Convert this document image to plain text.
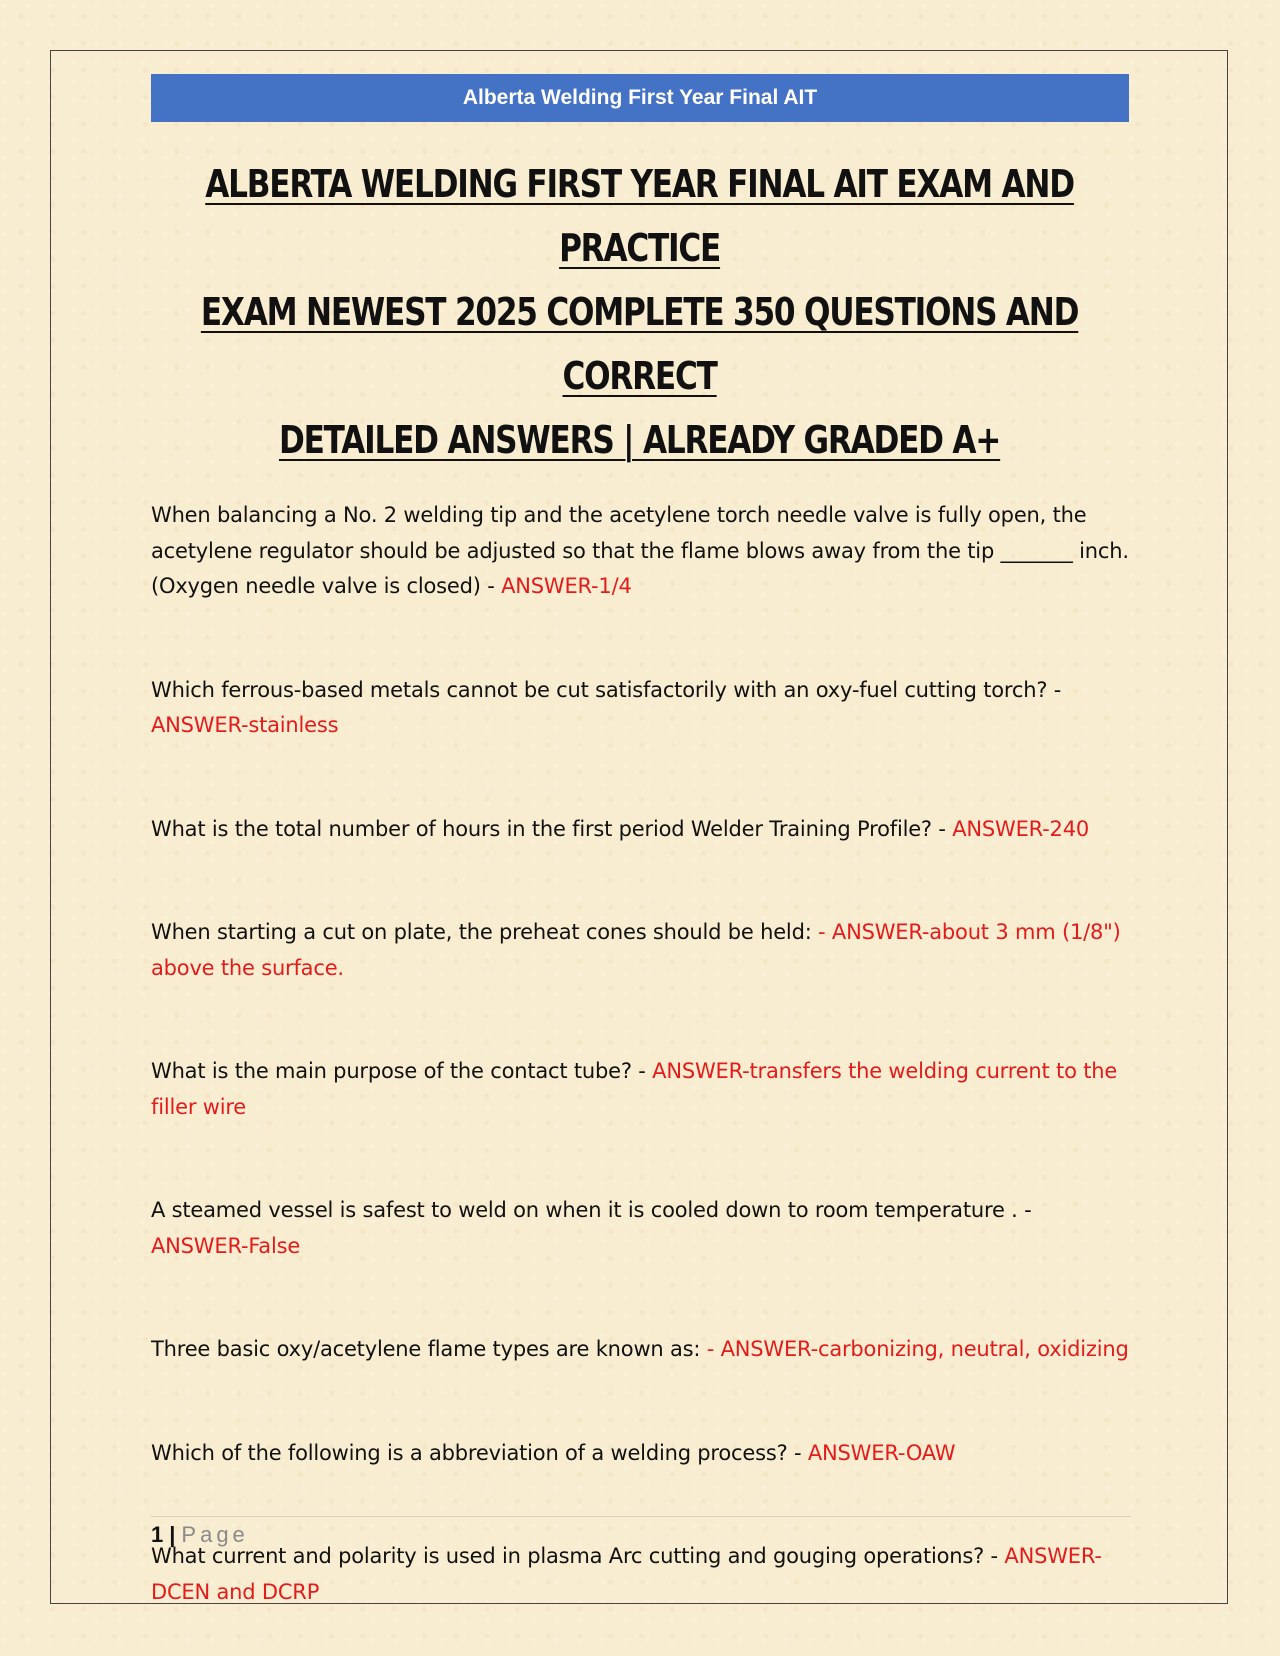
Alberta Welding First Year Final AIT
ALBERTA WELDING FIRST YEAR FINAL AIT EXAM AND PRACTICE
EXAM NEWEST 2025 COMPLETE 350 QUESTIONS AND CORRECT
DETAILED ANSWERS | ALREADY GRADED A+

When balancing a No. 2 welding tip and the acetylene torch needle valve is fully open, the acetylene regulator should be adjusted so that the flame blows away from the tip _______ inch. (Oxygen needle valve is closed) - ANSWER-1/4

Which ferrous-based metals cannot be cut satisfactorily with an oxy-fuel cutting torch? - ANSWER-stainless

What is the total number of hours in the first period Welder Training Profile? - ANSWER-240

When starting a cut on plate, the preheat cones should be held: - ANSWER-about 3 mm (1/8") above the surface.

What is the main purpose of the contact tube? - ANSWER-transfers the welding current to the filler wire

A steamed vessel is safest to weld on when it is cooled down to room temperature . - ANSWER-False

Three basic oxy/acetylene flame types are known as: - ANSWER-carbonizing, neutral, oxidizing

Which of the following is a abbreviation of a welding process? - ANSWER-OAW

What current and polarity is used in plasma Arc cutting and gouging operations? - ANSWER-DCEN and DCRP

1 | Page
